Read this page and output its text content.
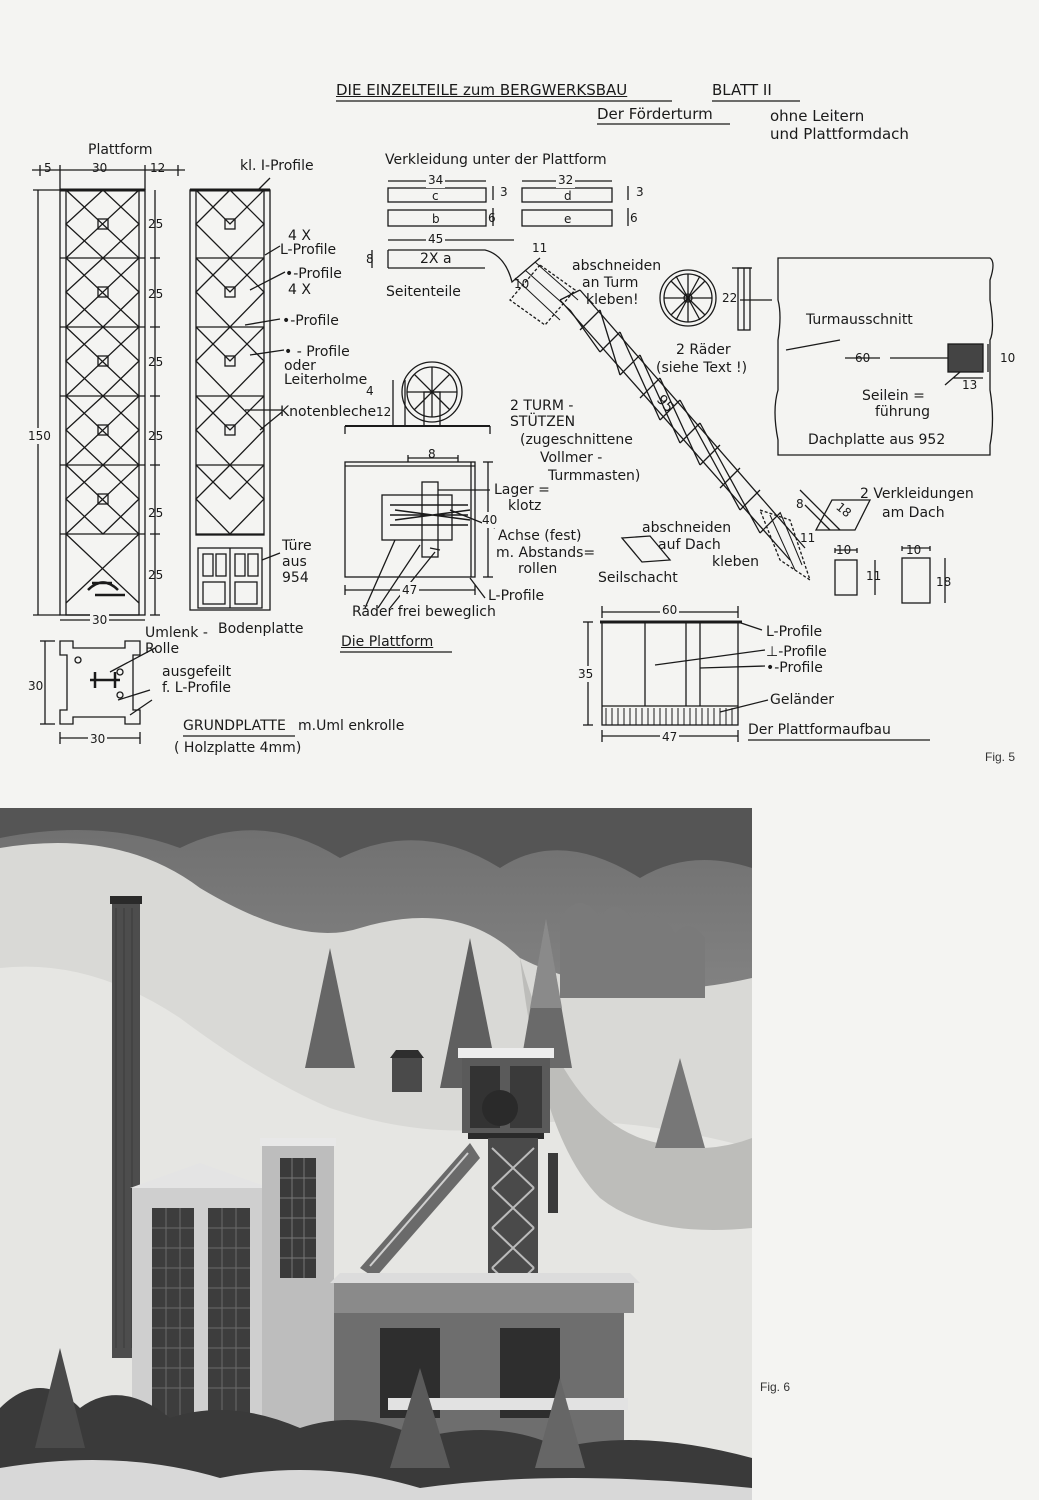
DIE EINZELTEILE zum BERGWERKSBAU	BLATT II
Der Förderturm	ohne Leitern
und Plattformdach
Plattform
5	30	12
25
25
25
25
25
25
150
30
kl. I-Profile
4 X
L-Profile
•-Profile
4 X
•-Profile
• - Profile
oder
Leiterholme
Knotenbleche
Türe
aus
954
Umlenk -
Rolle
Bodenplatte
30
30
ausgefeilt
f. L-Profile
GRUNDPLATTE m.Uml enkrolle
( Holzplatte 4mm)
Verkleidung unter der Plattform
34	32
3	3
c	d
b	e
6	6
45
11
8	2X a
10
Seitenteile
abschneiden
an Turm
kleben!
2 TURM -
STÜTZEN
(zugeschnittene
Vollmer -
Turmmasten)
95
abschneiden
auf Dach
kleben
Seilschacht
22
2 Räder
(siehe Text !)
Turmausschnitt
60	10
13
Seilein =
führung
Dachplatte aus 952
4
12
8
Lager =
klotz
40
Achse (fest)
m. Abstands=
rollen
47	L-Profile
Räder frei beweglich
Die Plattform
2 Verkleidungen
am Dach
8 18
11
10	10
11	18
60
35
47
L-Profile
⊥-Profile
•-Profile
Geländer
Der Plattformaufbau
Fig. 5
Fig. 6
